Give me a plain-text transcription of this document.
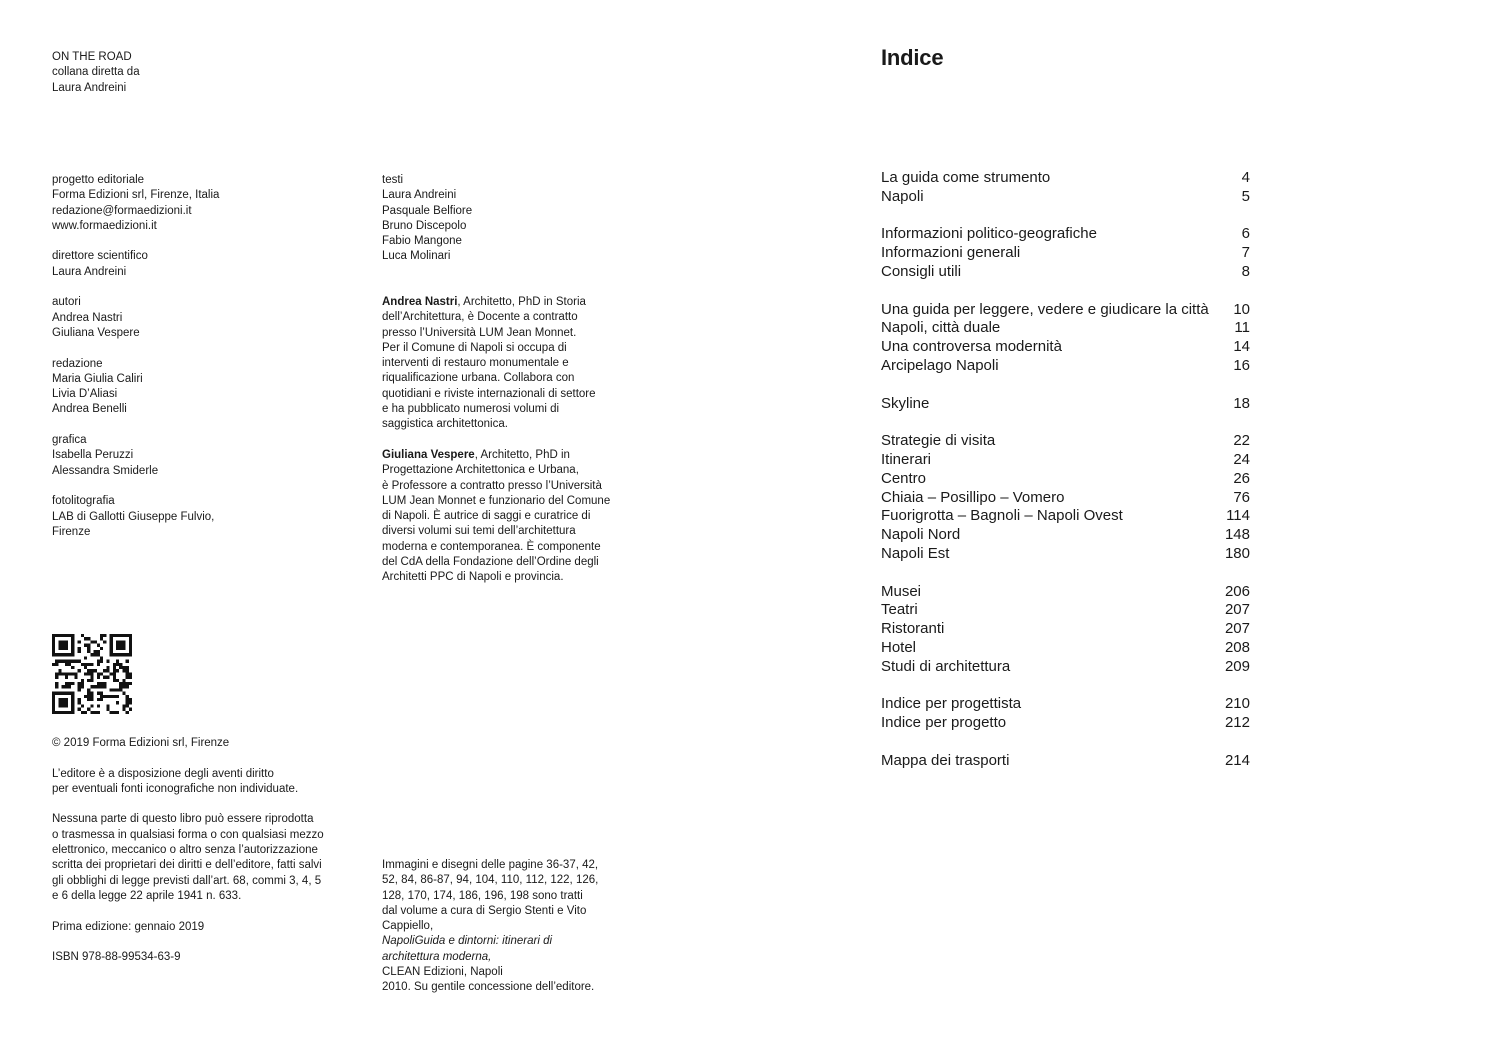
ON THE ROAD
collana diretta da
Laura Andreini
progetto editoriale
Forma Edizioni srl, Firenze, Italia
redazione@formaedizioni.it
www.formaedizioni.it
direttore scientifico
Laura Andreini
autori
Andrea Nastri
Giuliana Vespere
redazione
Maria Giulia Caliri
Livia D’Aliasi
Andrea Benelli
grafica
Isabella Peruzzi
Alessandra Smiderle
fotolitografia
LAB di Gallotti Giuseppe Fulvio,
Firenze
testi
Laura Andreini
Pasquale Belfiore
Bruno Discepolo
Fabio Mangone
Luca Molinari

Andrea Nastri, Architetto, PhD in Storia
dell’Architettura, è Docente a contratto
presso l’Università LUM Jean Monnet.
Per il Comune di Napoli si occupa di
interventi di restauro monumentale e
riqualificazione urbana. Collabora con
quotidiani e riviste internazionali di settore
e ha pubblicato numerosi volumi di
saggistica architettonica.

Giuliana Vespere, Architetto, PhD in
Progettazione Architettonica e Urbana,
è Professore a contratto presso l’Università
LUM Jean Monnet e funzionario del Comune
di Napoli. È autrice di saggi e curatrice di
diversi volumi sui temi dell’architettura
moderna e contemporanea. È componente
del CdA della Fondazione dell’Ordine degli
Architetti PPC di Napoli e provincia.

© 2019 Forma Edizioni srl, Firenze

L’editore è a disposizione degli aventi diritto
per eventuali fonti iconografiche non individuate.

Nessuna parte di questo libro può essere riprodotta
o trasmessa in qualsiasi forma o con qualsiasi mezzo
elettronico, meccanico o altro senza l’autorizzazione
scritta dei proprietari dei diritti e dell’editore, fatti salvi
gli obblighi di legge previsti dall’art. 68, commi 3, 4, 5
e 6 della legge 22 aprile 1941 n. 633.

Prima edizione: gennaio 2019

ISBN 978-88-99534-63-9

Immagini e disegni delle pagine 36-37, 42,
52, 84, 86-87, 94, 104, 110, 112, 122, 126,
128, 170, 174, 186, 196, 198 sono tratti
dal volume a cura di Sergio Stenti e Vito
Cappiello,
NapoliGuida e dintorni: itinerari di
architettura moderna,
CLEAN Edizioni, Napoli
2010. Su gentile concessione dell’editore.
Indice
La guida come strumento	4
Napoli	5
Informazioni politico-geografiche	6
Informazioni generali	7
Consigli utili	8
Una guida per leggere, vedere e giudicare la città 10
Napoli, città duale	11
Una controversa modernità	14
Arcipelago Napoli	16
Skyline	18
Strategie di visita	22
Itinerari	24
Centro	26
Chiaia – Posillipo – Vomero	76
Fuorigrotta – Bagnoli – Napoli Ovest	114
Napoli Nord	148
Napoli Est	180
Musei	206
Teatri	207
Ristoranti	207
Hotel	208
Studi di architettura	209
Indice per progettista	210
Indice per progetto	212
Mappa dei trasporti	214
